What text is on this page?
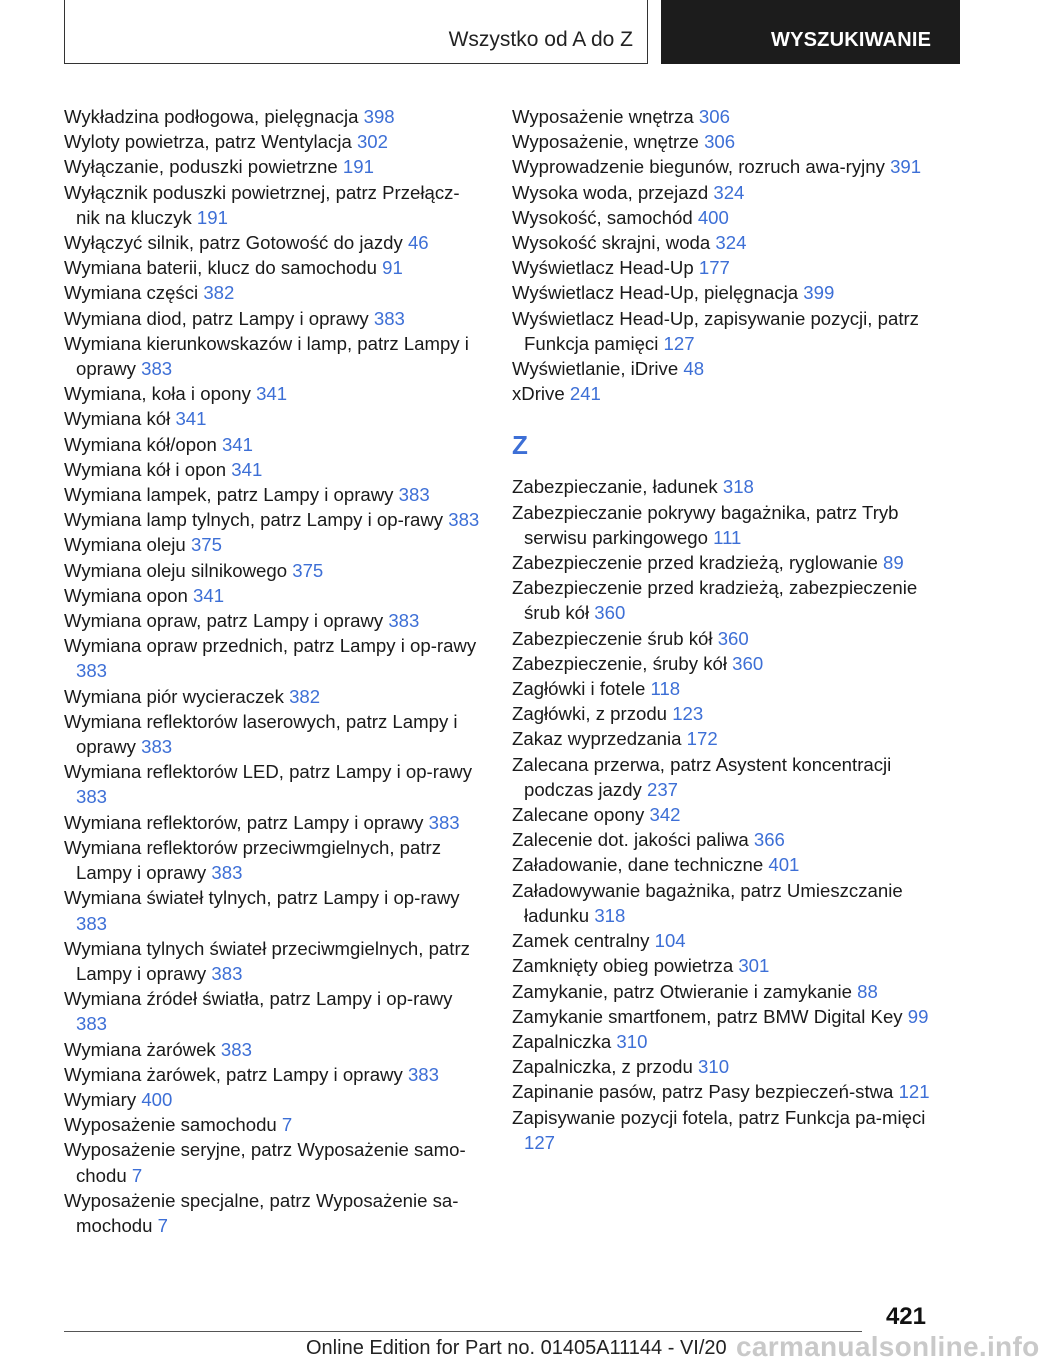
Wszystko od A do Z	WYSZUKIWANIE
Wykładzina podłogowa, pielęgnacja 398
Wyloty powietrza, patrz Wentylacja 302
Wyłączanie, poduszki powietrzne 191
Wyłącznik poduszki powietrznej, patrz Przełącz‐nik na kluczyk 191
Wyłączyć silnik, patrz Gotowość do jazdy 46
Wymiana baterii, klucz do samochodu 91
Wymiana części 382
Wymiana diod, patrz Lampy i oprawy 383
Wymiana kierunkowskazów i lamp, patrz Lampy i oprawy 383
Wymiana, koła i opony 341
Wymiana kół 341
Wymiana kół/opon 341
Wymiana kół i opon 341
Wymiana lampek, patrz Lampy i oprawy 383
Wymiana lamp tylnych, patrz Lampy i op‐rawy 383
Wymiana oleju 375
Wymiana oleju silnikowego 375
Wymiana opon 341
Wymiana opraw, patrz Lampy i oprawy 383
Wymiana opraw przednich, patrz Lampy i op‐rawy 383
Wymiana piór wycieraczek 382
Wymiana reflektorów laserowych, patrz Lampy i oprawy 383
Wymiana reflektorów LED, patrz Lampy i op‐rawy 383
Wymiana reflektorów, patrz Lampy i oprawy 383
Wymiana reflektorów przeciwmgielnych, patrz Lampy i oprawy 383
Wymiana świateł tylnych, patrz Lampy i op‐rawy 383
Wymiana tylnych świateł przeciwmgielnych, patrz Lampy i oprawy 383
Wymiana źródeł światła, patrz Lampy i op‐rawy 383
Wymiana żarówek 383
Wymiana żarówek, patrz Lampy i oprawy 383
Wymiary 400
Wyposażenie samochodu 7
Wyposażenie seryjne, patrz Wyposażenie samo‐chodu 7
Wyposażenie specjalne, patrz Wyposażenie sa‐mochodu 7
Wyposażenie wnętrza 306
Wyposażenie, wnętrze 306
Wyprowadzenie biegunów, rozruch awa‐ryjny 391
Wysoka woda, przejazd 324
Wysokość, samochód 400
Wysokość skrajni, woda 324
Wyświetlacz Head-Up 177
Wyświetlacz Head-Up, pielęgnacja 399
Wyświetlacz Head-Up, zapisywanie pozycji, patrz Funkcja pamięci 127
Wyświetlanie, iDrive 48
xDrive 241
Z
Zabezpieczanie, ładunek 318
Zabezpieczanie pokrywy bagażnika, patrz Tryb serwisu parkingowego 111
Zabezpieczenie przed kradzieżą, ryglowanie 89
Zabezpieczenie przed kradzieżą, zabezpieczenie śrub kół 360
Zabezpieczenie śrub kół 360
Zabezpieczenie, śruby kół 360
Zagłówki i fotele 118
Zagłówki, z przodu 123
Zakaz wyprzedzania 172
Zalecana przerwa, patrz Asystent koncentracji podczas jazdy 237
Zalecane opony 342
Zalecenie dot. jakości paliwa 366
Załadowanie, dane techniczne 401
Załadowywanie bagażnika, patrz Umieszczanie ładunku 318
Zamek centralny 104
Zamknięty obieg powietrza 301
Zamykanie, patrz Otwieranie i zamykanie 88
Zamykanie smartfonem, patrz BMW Digital Key 99
Zapalniczka 310
Zapalniczka, z przodu 310
Zapinanie pasów, patrz Pasy bezpieczeń‐stwa 121
Zapisywanie pozycji fotela, patrz Funkcja pa‐mięci 127
421
Online Edition for Part no. 01405A11144 - VI/20 carmanualsonline.info
